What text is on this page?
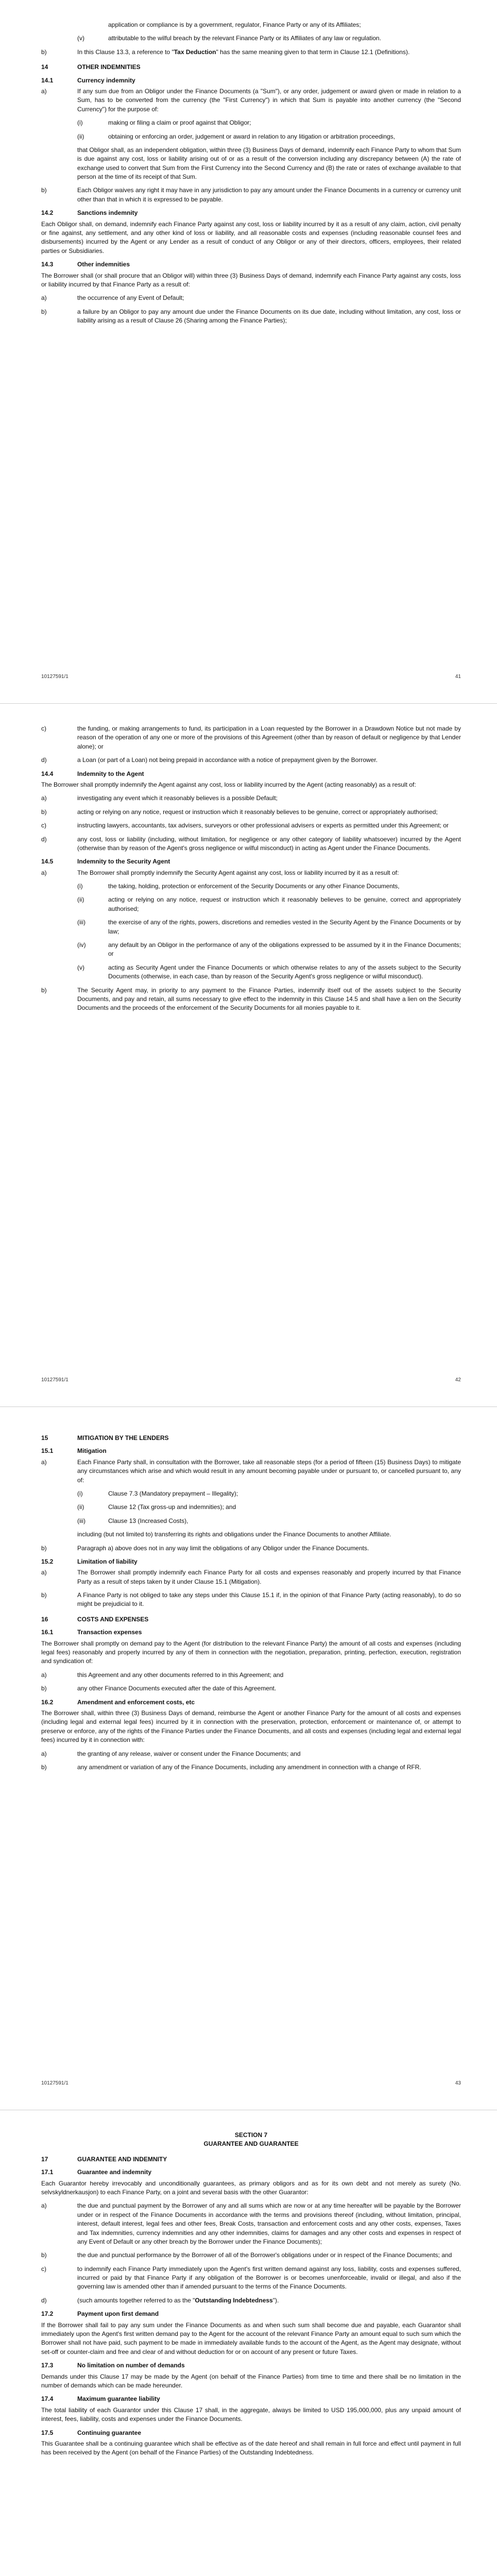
application or compliance is by a government, regulator, Finance Party or any of its Affiliates;
(v)	attributable to the wilful breach by the relevant Finance Party or its Affiliates of any law or regulation.
b)	In this Clause 13.3, a reference to "Tax Deduction" has the same meaning given to that term in Clause 12.1 (Definitions).
14	OTHER INDEMNITIES
14.1	Currency indemnity
a)	If any sum due from an Obligor under the Finance Documents (a "Sum"), or any order, judgement or award given or made in relation to a Sum, has to be converted from the currency (the "First Currency") in which that Sum is payable into another currency (the "Second Currency") for the purpose of:
(i)	making or filing a claim or proof against that Obligor;
(ii)	obtaining or enforcing an order, judgement or award in relation to any litigation or arbitration proceedings,

that Obligor shall, as an independent obligation, within three (3) Business Days of demand, indemnify each Finance Party to whom that Sum is due against any cost, loss or liability arising out of or as a result of the conversion including any discrepancy between (A) the rate of exchange used to convert that Sum from the First Currency into the Second Currency and (B) the rate or rates of exchange available to that person at the time of its receipt of that Sum.

b)	Each Obligor waives any right it may have in any jurisdiction to pay any amount under the Finance Documents in a currency or currency unit other than that in which it is expressed to be payable.
14.2	Sanctions indemnity

Each Obligor shall, on demand, indemnify each Finance Party against any cost, loss or liability incurred by it as a result of any claim, action, civil penalty or fine against, any settlement, and any other kind of loss or liability, and all reasonable costs and expenses (including reasonable counsel fees and disbursements) incurred by the Agent or any Lender as a result of conduct of any Obligor or any of their directors, officers, employees, their related parties or Subsidiaries.

14.3	Other indemnities

The Borrower shall (or shall procure that an Obligor will) within three (3) Business Days of demand, indemnify each Finance Party against any costs, loss or liability incurred by that Finance Party as a result of:

a)	the occurrence of any Event of Default;
b)	a failure by an Obligor to pay any amount due under the Finance Documents on its due date, including without limitation, any cost, loss or liability arising as a result of Clause 26 (Sharing among the Finance Parties);
10127591/1	41
c)	the funding, or making arrangements to fund, its participation in a Loan requested by the Borrower in a Drawdown Notice but not made by reason of the operation of any one or more of the provisions of this Agreement (other than by reason of default or negligence by that Lender alone); or
d)	a Loan (or part of a Loan) not being prepaid in accordance with a notice of prepayment given by the Borrower.
14.4	Indemnity to the Agent

The Borrower shall promptly indemnify the Agent against any cost, loss or liability incurred by the Agent (acting reasonably) as a result of:

a)	investigating any event which it reasonably believes is a possible Default;
b)	acting or relying on any notice, request or instruction which it reasonably believes to be genuine, correct or appropriately authorised;
c)	instructing lawyers, accountants, tax advisers, surveyors or other professional advisers or experts as permitted under this Agreement; or
d)	any cost, loss or liability (including, without limitation, for negligence or any other category of liability whatsoever) incurred by the Agent (otherwise than by reason of the Agent's gross negligence or wilful misconduct) in acting as Agent under the Finance Documents.
14.5	Indemnity to the Security Agent
a)	The Borrower shall promptly indemnify the Security Agent against any cost, loss or liability incurred by it as a result of:
(i)	the taking, holding, protection or enforcement of the Security Documents or any other Finance Documents,
(ii)	acting or relying on any notice, request or instruction which it reasonably believes to be genuine, correct and appropriately authorised;
(iii)	the exercise of any of the rights, powers, discretions and remedies vested in the Security Agent by the Finance Documents or by law;
(iv)	any default by an Obligor in the performance of any of the obligations expressed to be assumed by it in the Finance Documents; or
(v)	acting as Security Agent under the Finance Documents or which otherwise relates to any of the assets subject to the Security Documents (otherwise, in each case, than by reason of the Security Agent's gross negligence or wilful misconduct).
b)	The Security Agent may, in priority to any payment to the Finance Parties, indemnify itself out of the assets subject to the Security Documents, and pay and retain, all sums necessary to give effect to the indemnity in this Clause 14.5 and shall have a lien on the Security Documents and the proceeds of the enforcement of the Security Documents for all monies payable to it.
10127591/1	42
15	MITIGATION BY THE LENDERS
15.1	Mitigation
a)	Each Finance Party shall, in consultation with the Borrower, take all reasonable steps (for a period of fifteen (15) Business Days) to mitigate any circumstances which arise and which would result in any amount becoming payable under or pursuant to, or cancelled pursuant to, any of:
(i)	Clause 7.3 (Mandatory prepayment – Illegality);
(ii)	Clause 12 (Tax gross-up and indemnities); and
(iii)	Clause 13 (Increased Costs),

including (but not limited to) transferring its rights and obligations under the Finance Documents to another Affiliate.

b)	Paragraph a) above does not in any way limit the obligations of any Obligor under the Finance Documents.
15.2	Limitation of liability
a)	The Borrower shall promptly indemnify each Finance Party for all costs and expenses reasonably and properly incurred by that Finance Party as a result of steps taken by it under Clause 15.1 (Mitigation).
b)	A Finance Party is not obliged to take any steps under this Clause 15.1 if, in the opinion of that Finance Party (acting reasonably), to do so might be prejudicial to it.
16	COSTS AND EXPENSES
16.1	Transaction expenses

The Borrower shall promptly on demand pay to the Agent (for distribution to the relevant Finance Party) the amount of all costs and expenses (including legal fees) reasonably and properly incurred by any of them in connection with the negotiation, preparation, printing, perfection, execution, registration and syndication of:

a)	this Agreement and any other documents referred to in this Agreement; and
b)	any other Finance Documents executed after the date of this Agreement.
16.2	Amendment and enforcement costs, etc

The Borrower shall, within three (3) Business Days of demand, reimburse the Agent or another Finance Party for the amount of all costs and expenses (including legal and external legal fees) incurred by it in connection with the preservation, protection, enforcement or maintenance of, or attempt to preserve or enforce, any of the rights of the Finance Parties under the Finance Documents, and all costs and expenses (including legal and external legal fees) incurred by it in connection with:

a)	the granting of any release, waiver or consent under the Finance Documents; and
b)	any amendment or variation of any of the Finance Documents, including any amendment in connection with a change of RFR.
10127591/1	43
SECTION 7
GUARANTEE AND GUARANTEE
17	GUARANTEE AND INDEMNITY
17.1	Guarantee and indemnity

Each Guarantor hereby irrevocably and unconditionally guarantees, as primary obligors and as for its own debt and not merely as surety (No. selvskyldnerkausjon) to each Finance Party, on a joint and several basis with the other Guarantor:

a)	the due and punctual payment by the Borrower of any and all sums which are now or at any time hereafter will be payable by the Borrower under or in respect of the Finance Documents in accordance with the terms and provisions thereof (including, without limitation, principal, interest, default interest, legal fees and other fees, Break Costs, transaction and enforcement costs and any other costs, expenses, Taxes and Tax indemnities, currency indemnities and any other indemnities, claims for damages and any other costs and expenses in respect of any Event of Default or any other breach by the Borrower under the Finance Documents);
b)	the due and punctual performance by the Borrower of all of the Borrower's obligations under or in respect of the Finance Documents; and
c)	to indemnify each Finance Party immediately upon the Agent's first written demand against any loss, liability, costs and expenses suffered, incurred or paid by that Finance Party if any obligation of the Borrower is or becomes unenforceable, invalid or illegal, and also if the governing law is amended other than if amended pursuant to the terms of the Finance Documents.
d)	(such amounts together referred to as the "Outstanding Indebtedness").
17.2	Payment upon first demand

If the Borrower shall fail to pay any sum under the Finance Documents as and when such sum shall become due and payable, each Guarantor shall immediately upon the Agent's first written demand pay to the Agent for the account of the relevant Finance Party an amount equal to such sum which the Borrower shall not have paid, such payment to be made in immediately available funds to the account of the Agent, as the Agent may designate, without set-off or counter-claim and free and clear of and without deduction for or on account of any present or future Taxes.

17.3	No limitation on number of demands

Demands under this Clause 17 may be made by the Agent (on behalf of the Finance Parties) from time to time and there shall be no limitation in the number of demands which can be made hereunder.

17.4	Maximum guarantee liability

The total liability of each Guarantor under this Clause 17 shall, in the aggregate, always be limited to USD 195,000,000, plus any unpaid amount of interest, fees, liability, costs and expenses under the Finance Documents.

17.5	Continuing guarantee

This Guarantee shall be a continuing guarantee which shall be effective as of the date hereof and shall remain in full force and effect until payment in full has been received by the Agent (on behalf of the Finance Parties) of the Outstanding Indebtedness.
